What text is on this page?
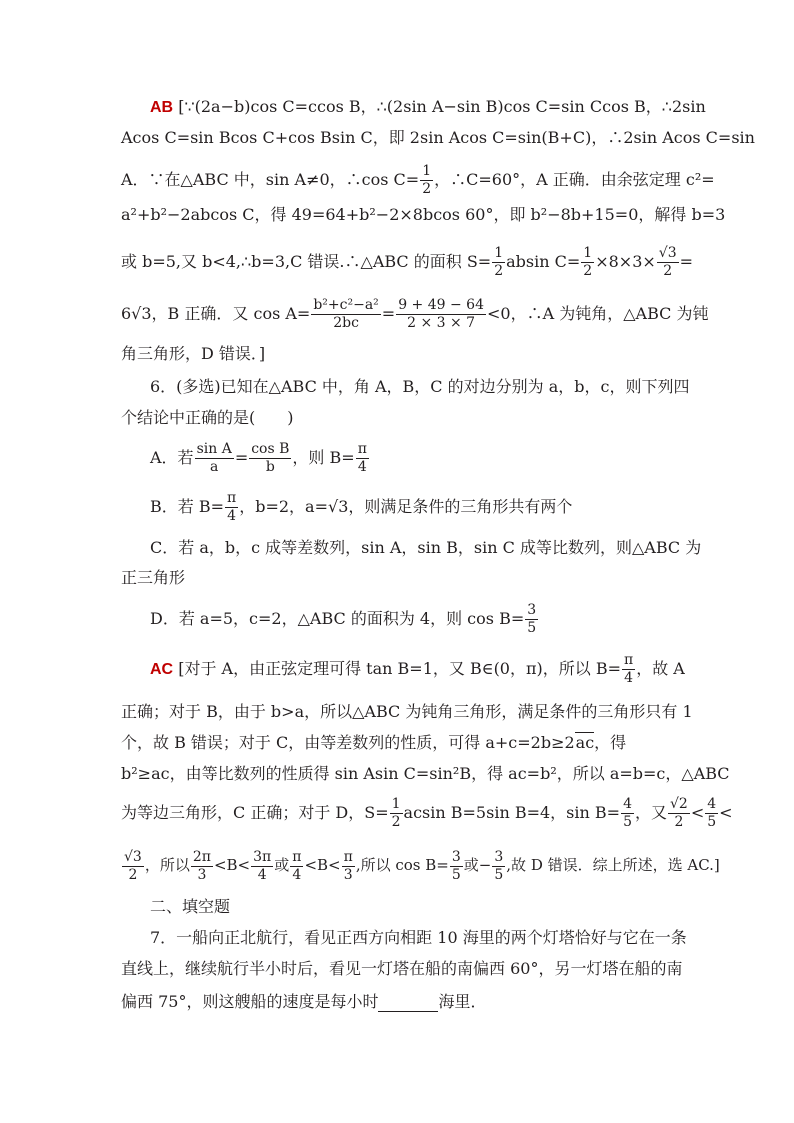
AB [∵(2a−b)cos C=ccos B，∴(2sin A−sin B)cos C=sin Ccos B，∴2sin
Acos C=sin Bcos C+cos Bsin C，即 2sin Acos C=sin(B+C)，∴2sin Acos C=sin
A．∵在△ABC 中，sin A≠0，∴cos $C= \frac{1}{2}$ ，∴C=60°，A 正确．由余弦定理 c²=
a²+b²−2abcos C，得 49=64+b²−2×8bcos 60°，即 b²−8b+15=0，解得 b=3
或 b=5,又 b<4,∴b=3,C 错误.∴△ABC 的面积 $S= \frac{1}{2}$ absin $C= \frac{1}{2} \times 8\times 3\times \frac{√3}{2}$ =
6√3，B 正确．又 $\cos A= \frac{\text{b²+c²−a²}}{2bc} = \frac{9 + 49 - 64}{2 \times 3 \times 7} <0$，∴A 为钝角，△ABC 为钝
角三角形，D 错误．]
6．(多选)已知在△ABC 中，角 A，B，C 的对边分别为 a，b，c，则下列四
个结论中正确的是(　　)
A．若 $\frac{\text{sin A}}{a} = \frac{\text{cos B}}{b}$ ，则 $B= \frac{\pi}{4}$
B．若 $B= \frac{\pi}{4}$ ，b=2，a=√3，则满足条件的三角形共有两个
C．若 a，b，c 成等差数列，sin A，sin B，sin C 成等比数列，则△ABC 为
正三角形
D．若 a=5，c=2，△ABC 的面积为 4，则 $\cos B= \frac{3}{5}$
AC [对于 A，由正弦定理可得 tan B=1，又 B∈(0，π)，所以 $B= \frac{\pi}{4}$ ，故 A
正确；对于 B，由于 b>a，所以△ABC 为钝角三角形，满足条件的三角形只有 1
个，故 B 错误；对于 C，由等差数列的性质，可得 a+c=2b≥2ac，得
b²≥ac，由等比数列的性质得 sin Asin C=sin²B，得 ac=b²，所以 a=b=c，△ABC
为等边三角形，C 正确；对于 D，$S= \frac{1}{2}$ acsin B=5sin B=4，$\sin B= \frac{4}{5}$ ，又 $\frac{√2}{2} < \frac{4}{5}$ <
$\frac{√3}{2}$ ，所以 $\frac{2\pi}{3} <B< \frac{3\pi}{4}$ 或 $\frac{\pi}{4} <B< \frac{\pi}{3}$ ,所以 $\cos B= \frac{3}{5}$ 或− $\frac{3}{5}$ ,故 D 错误．综上所述，选 AC.]
二、填空题
7．一船向正北航行，看见正西方向相距 10 海里的两个灯塔恰好与它在一条
直线上，继续航行半小时后，看见一灯塔在船的南偏西 60°，另一灯塔在船的南
偏西 75°，则这艘船的速度是每小时	海里．
